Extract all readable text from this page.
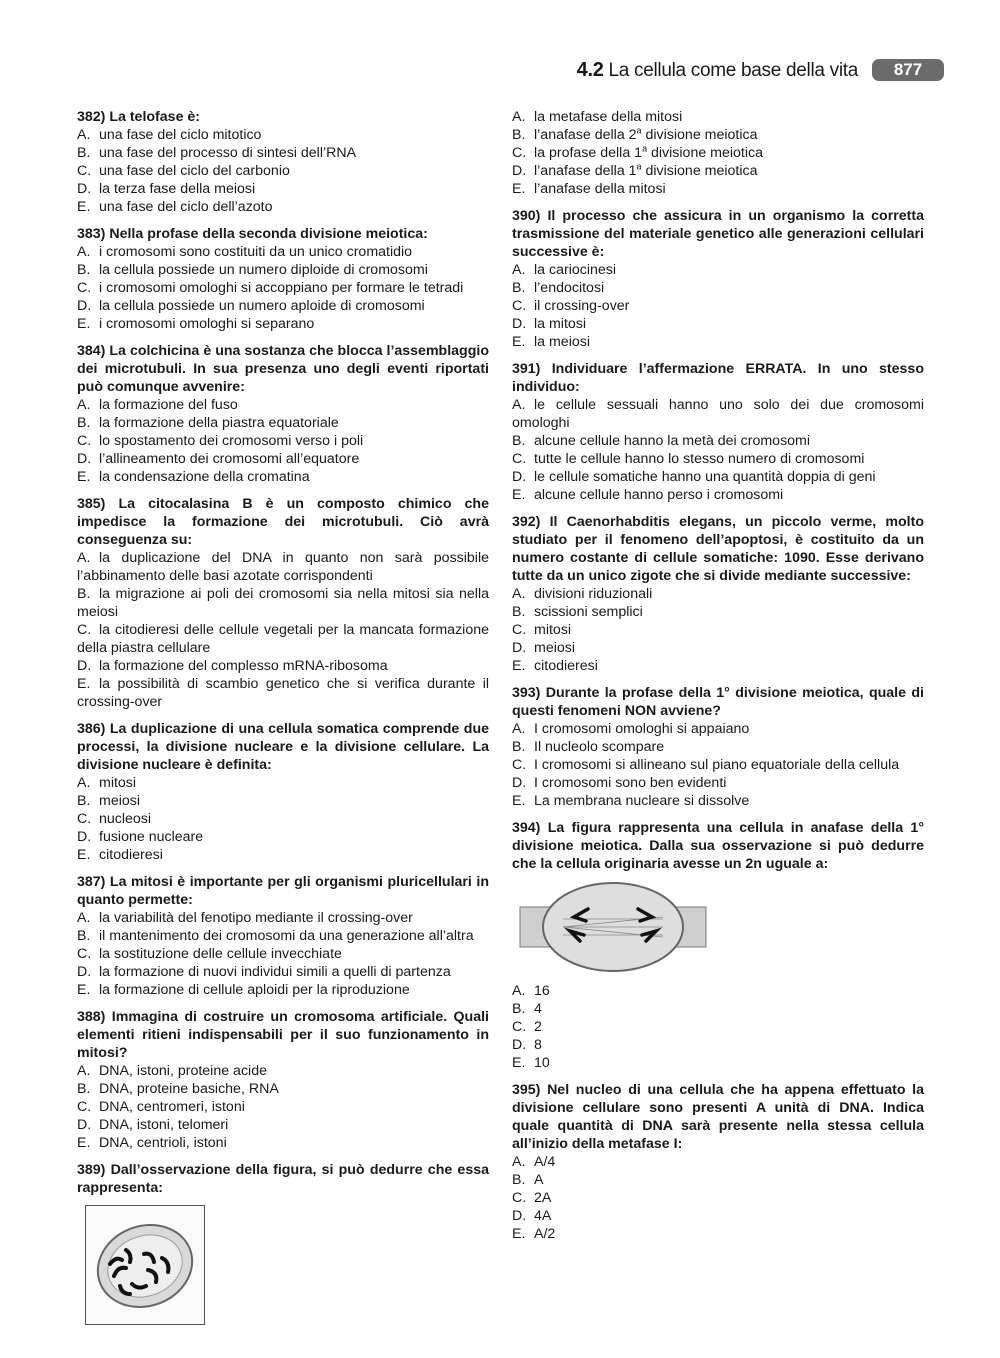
4.2 La cellula come base della vita	877
382) La telofase è:
A. una fase del ciclo mitotico
B. una fase del processo di sintesi dell’RNA
C. una fase del ciclo del carbonio
D. la terza fase della meiosi
E. una fase del ciclo dell’azoto
383) Nella profase della seconda divisione meiotica:
A. i cromosomi sono costituiti da un unico cromatidio
B. la cellula possiede un numero diploide di cromosomi
C. i cromosomi omologhi si accoppiano per formare le tetradi
D. la cellula possiede un numero aploide di cromosomi
E. i cromosomi omologhi si separano
384) La colchicina è una sostanza che blocca l’assemblaggio dei microtubuli. In sua presenza uno degli eventi riportati può comunque avvenire:
A. la formazione del fuso
B. la formazione della piastra equatoriale
C. lo spostamento dei cromosomi verso i poli
D. l’allineamento dei cromosomi all’equatore
E. la condensazione della cromatina
385) La citocalasina B è un composto chimico che impedisce la formazione dei microtubuli. Ciò avrà conseguenza su:
A. la duplicazione del DNA in quanto non sarà possibile l’abbinamento delle basi azotate corrispondenti
B. la migrazione ai poli dei cromosomi sia nella mitosi sia nella meiosi
C. la citodieresi delle cellule vegetali per la mancata formazione della piastra cellulare
D. la formazione del complesso mRNA-ribosoma
E. la possibilità di scambio genetico che si verifica durante il crossing-over
386) La duplicazione di una cellula somatica comprende due processi, la divisione nucleare e la divisione cellulare. La divisione nucleare è definita:
A. mitosi
B. meiosi
C. nucleosi
D. fusione nucleare
E. citodieresi
387) La mitosi è importante per gli organismi pluricellulari in quanto permette:
A. la variabilità del fenotipo mediante il crossing-over
B. il mantenimento dei cromosomi da una generazione all’altra
C. la sostituzione delle cellule invecchiate
D. la formazione di nuovi individui simili a quelli di partenza
E. la formazione di cellule aploidi per la riproduzione
388) Immagina di costruire un cromosoma artificiale. Quali elementi ritieni indispensabili per il suo funzionamento in mitosi?
A. DNA, istoni, proteine acide
B. DNA, proteine basiche, RNA
C. DNA, centromeri, istoni
D. DNA, istoni, telomeri
E. DNA, centrioli, istoni
389) Dall’osservazione della figura, si può dedurre che essa rappresenta:
A. la metafase della mitosi
B. l’anafase della 2$^a$ divisione meiotica
C. la profase della 1$^a$ divisione meiotica
D. l’anafase della 1$^a$ divisione meiotica
E. l’anafase della mitosi
390) Il processo che assicura in un organismo la corretta trasmissione del materiale genetico alle generazioni cellulari successive è:
A. la cariocinesi
B. l’endocitosi
C. il crossing-over
D. la mitosi
E. la meiosi
391) Individuare l’affermazione ERRATA. In uno stesso individuo:
A. le cellule sessuali hanno uno solo dei due cromosomi omologhi
B. alcune cellule hanno la metà dei cromosomi
C. tutte le cellule hanno lo stesso numero di cromosomi
D. le cellule somatiche hanno una quantità doppia di geni
E. alcune cellule hanno perso i cromosomi
392) Il Caenorhabditis elegans, un piccolo verme, molto studiato per il fenomeno dell’apoptosi, è costituito da un numero costante di cellule somatiche: 1090. Esse derivano tutte da un unico zigote che si divide mediante successive:
A. divisioni riduzionali
B. scissioni semplici
C. mitosi
D. meiosi
E. citodieresi
393) Durante la profase della 1° divisione meiotica, quale di questi fenomeni NON avviene?
A. I cromosomi omologhi si appaiano
B. Il nucleolo scompare
C. I cromosomi si allineano sul piano equatoriale della cellula
D. I cromosomi sono ben evidenti
E. La membrana nucleare si dissolve
394) La figura rappresenta una cellula in anafase della 1° divisione meiotica. Dalla sua osservazione si può dedurre che la cellula originaria avesse un 2n uguale a:
A. 16
B. 4
C. 2
D. 8
E. 10
395) Nel nucleo di una cellula che ha appena effettuato la divisione cellulare sono presenti A unità di DNA. Indica quale quantità di DNA sarà presente nella stessa cellula all’inizio della metafase I:
A. A/4
B. A
C. 2A
D. 4A
E. A/2
